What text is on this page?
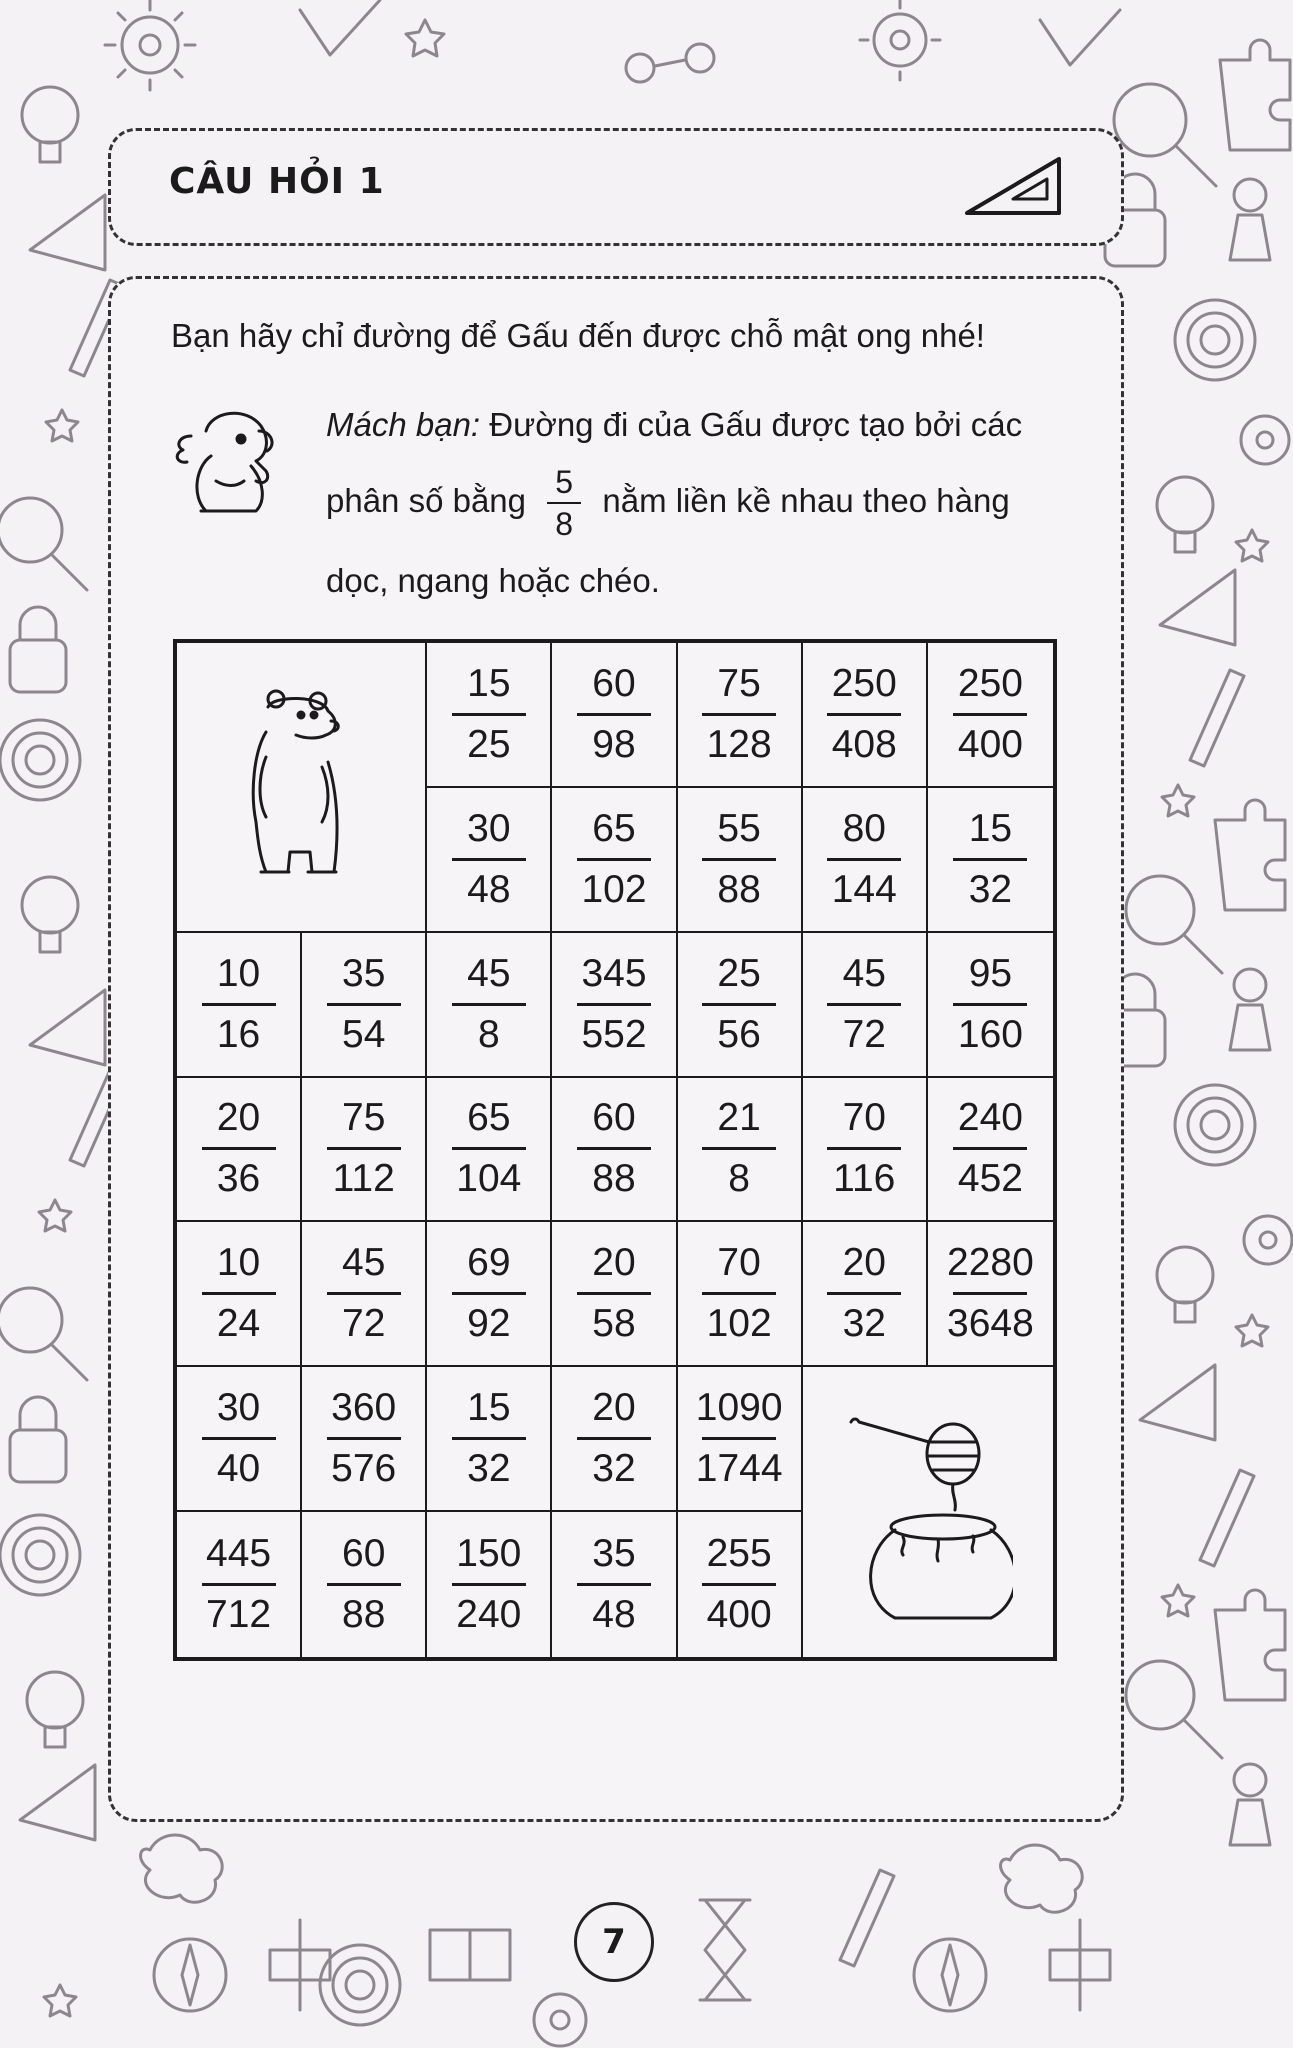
CÂU HỎI 1
Bạn hãy chỉ đường để Gấu đến được chỗ mật ong nhé!
Mách bạn: Đường đi của Gấu được tạo bởi các phân số bằng $\frac{5}{8}$ nằm liền kề nhau theo hàng dọc, ngang hoặc chéo.
$\frac{15}{25} \frac{60}{98} \frac{75}{128} \frac{250}{408} \frac{250}{400}$
$\frac{30}{48} \frac{65}{102} \frac{55}{88} \frac{80}{144} \frac{15}{32}$
$\frac{10}{16} \frac{35}{54} \frac{45}{8} \frac{345}{552} \frac{25}{56} \frac{45}{72} \frac{95}{160}$
$\frac{20}{36} \frac{75}{112} \frac{65}{104} \frac{60}{88} \frac{21}{8} \frac{70}{116} \frac{240}{452}$
$\frac{10}{24} \frac{45}{72} \frac{69}{92} \frac{20}{58} \frac{70}{102} \frac{20}{32} \frac{2280}{3648}$
$\frac{30}{40} \frac{360}{576} \frac{15}{32} \frac{20}{32} \frac{1090}{1744}$
$\frac{445}{712} \frac{60}{88} \frac{150}{240} \frac{35}{48} \frac{255}{400}$
7
